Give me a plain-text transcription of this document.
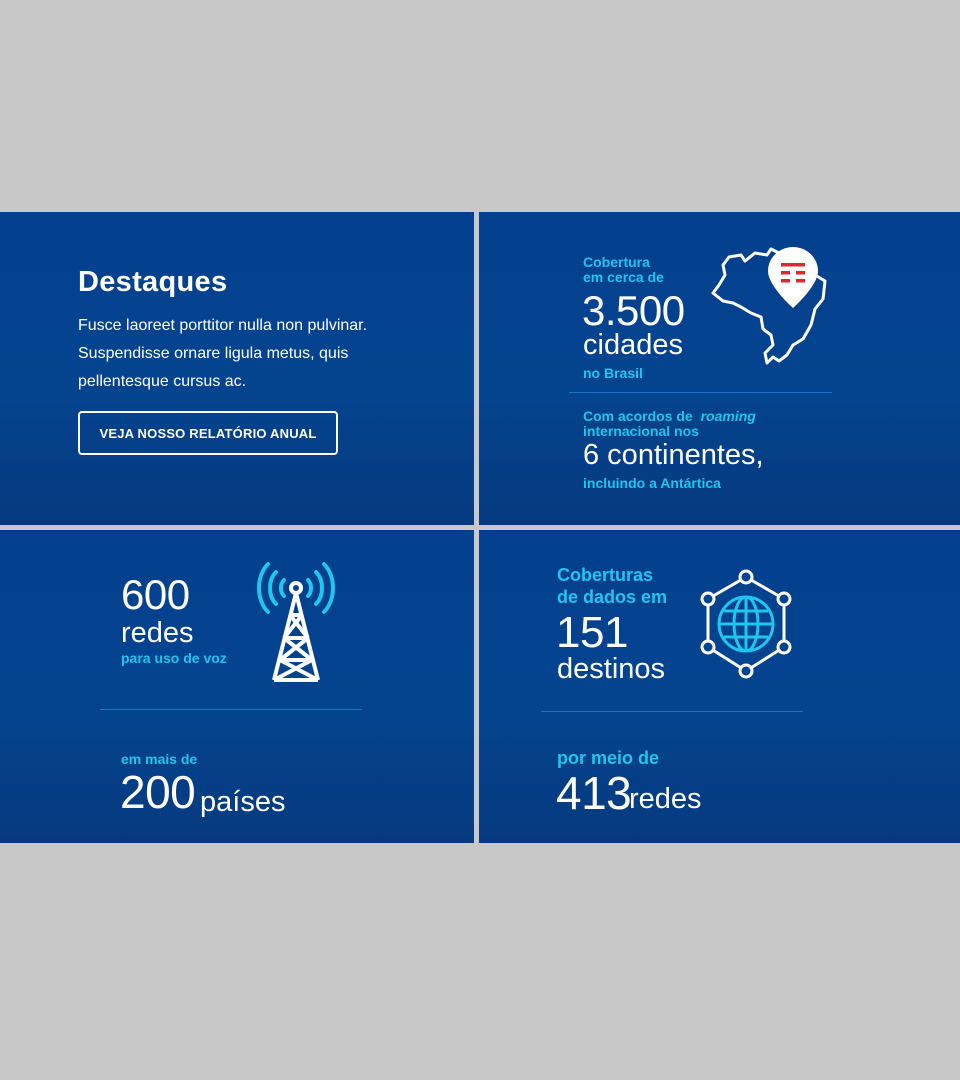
Destaques
Fusce laoreet porttitor nulla non pulvinar. Suspendisse ornare ligula metus, quis pellentesque cursus ac.
VEJA NOSSO RELATÓRIO ANUAL
Cobertura
em cerca de
3.500
cidades
no Brasil
Com acordos de roaming
internacional nos
6 continentes,
incluindo a Antártica
600
redes
para uso de voz
em mais de
200 países
Coberturas
de dados em
151
destinos
por meio de
413
redes
